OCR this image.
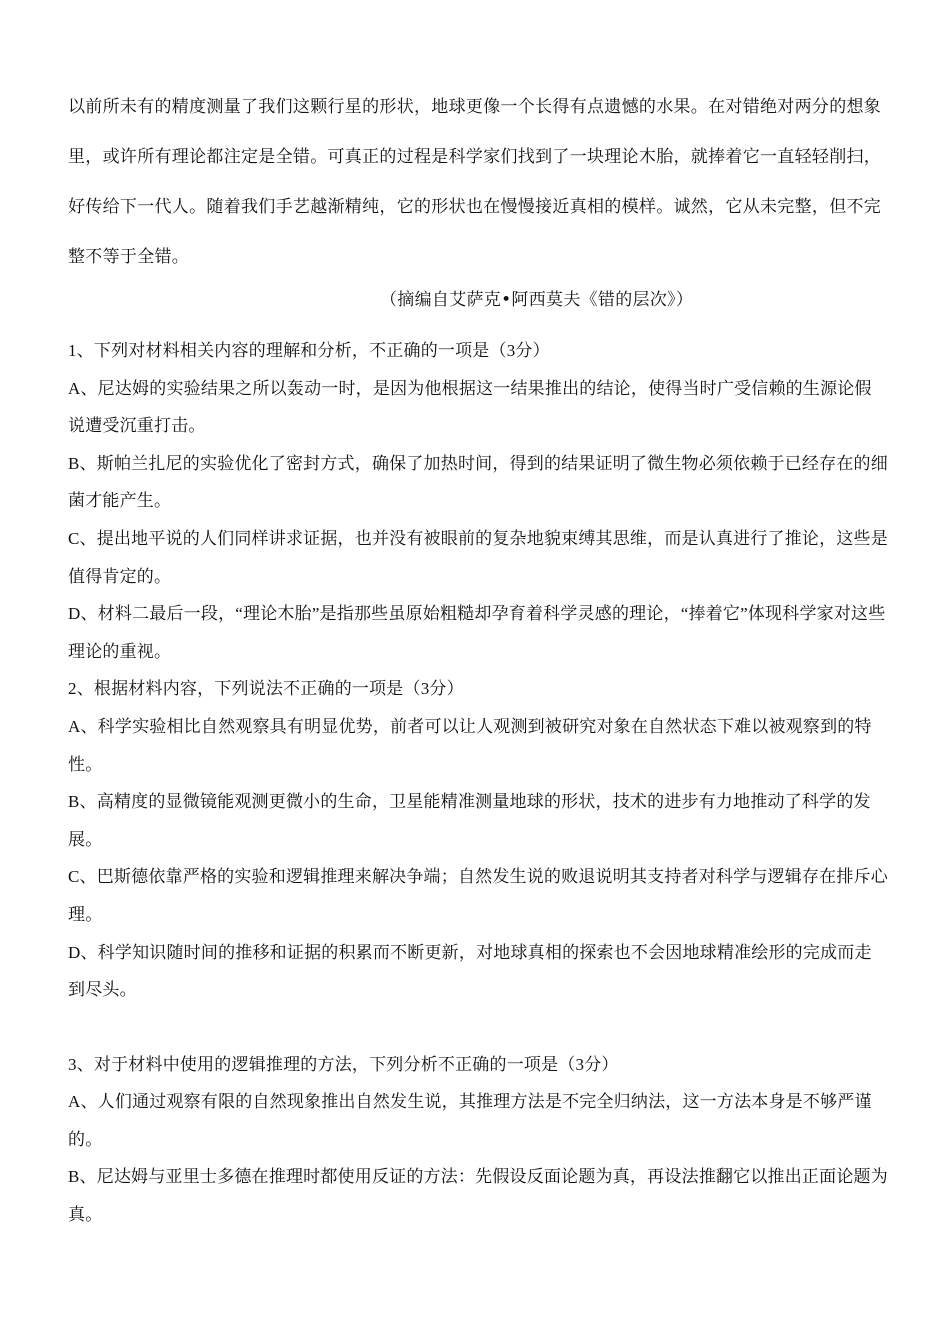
以前所未有的精度测量了我们这颗行星的形状，地球更像一个长得有点遗憾的水果。在对错绝对两分的想象里，或许所有理论都注定是全错。可真正的过程是科学家们找到了一块理论木胎，就捧着它一直轻轻削扫，好传给下一代人。随着我们手艺越渐精纯，它的形状也在慢慢接近真相的模样。诚然，它从未完整，但不完整不等于全错。

（摘编自艾萨克•阿西莫夫《错的层次》）

1、下列对材料相关内容的理解和分析，不正确的一项是（3分）

A、尼达姆的实验结果之所以轰动一时，是因为他根据这一结果推出的结论，使得当时广受信赖的生源论假说遭受沉重打击。

B、斯帕兰扎尼的实验优化了密封方式，确保了加热时间，得到的结果证明了微生物必须依赖于已经存在的细菌才能产生。

C、提出地平说的人们同样讲求证据，也并没有被眼前的复杂地貌束缚其思维，而是认真进行了推论，这些是值得肯定的。

D、材料二最后一段，“理论木胎”是指那些虽原始粗糙却孕育着科学灵感的理论，“捧着它”体现科学家对这些理论的重视。

2、根据材料内容，下列说法不正确的一项是（3分）

A、科学实验相比自然观察具有明显优势，前者可以让人观测到被研究对象在自然状态下难以被观察到的特性。

B、高精度的显微镜能观测更微小的生命，卫星能精准测量地球的形状，技术的进步有力地推动了科学的发展。

C、巴斯德依靠严格的实验和逻辑推理来解决争端；自然发生说的败退说明其支持者对科学与逻辑存在排斥心理。

D、科学知识随时间的推移和证据的积累而不断更新，对地球真相的探索也不会因地球精准绘形的完成而走到尽头。

3、对于材料中使用的逻辑推理的方法，下列分析不正确的一项是（3分）

A、人们通过观察有限的自然现象推出自然发生说，其推理方法是不完全归纳法，这一方法本身是不够严谨的。

B、尼达姆与亚里士多德在推理时都使用反证的方法：先假设反面论题为真，再设法推翻它以推出正面论题为真。
